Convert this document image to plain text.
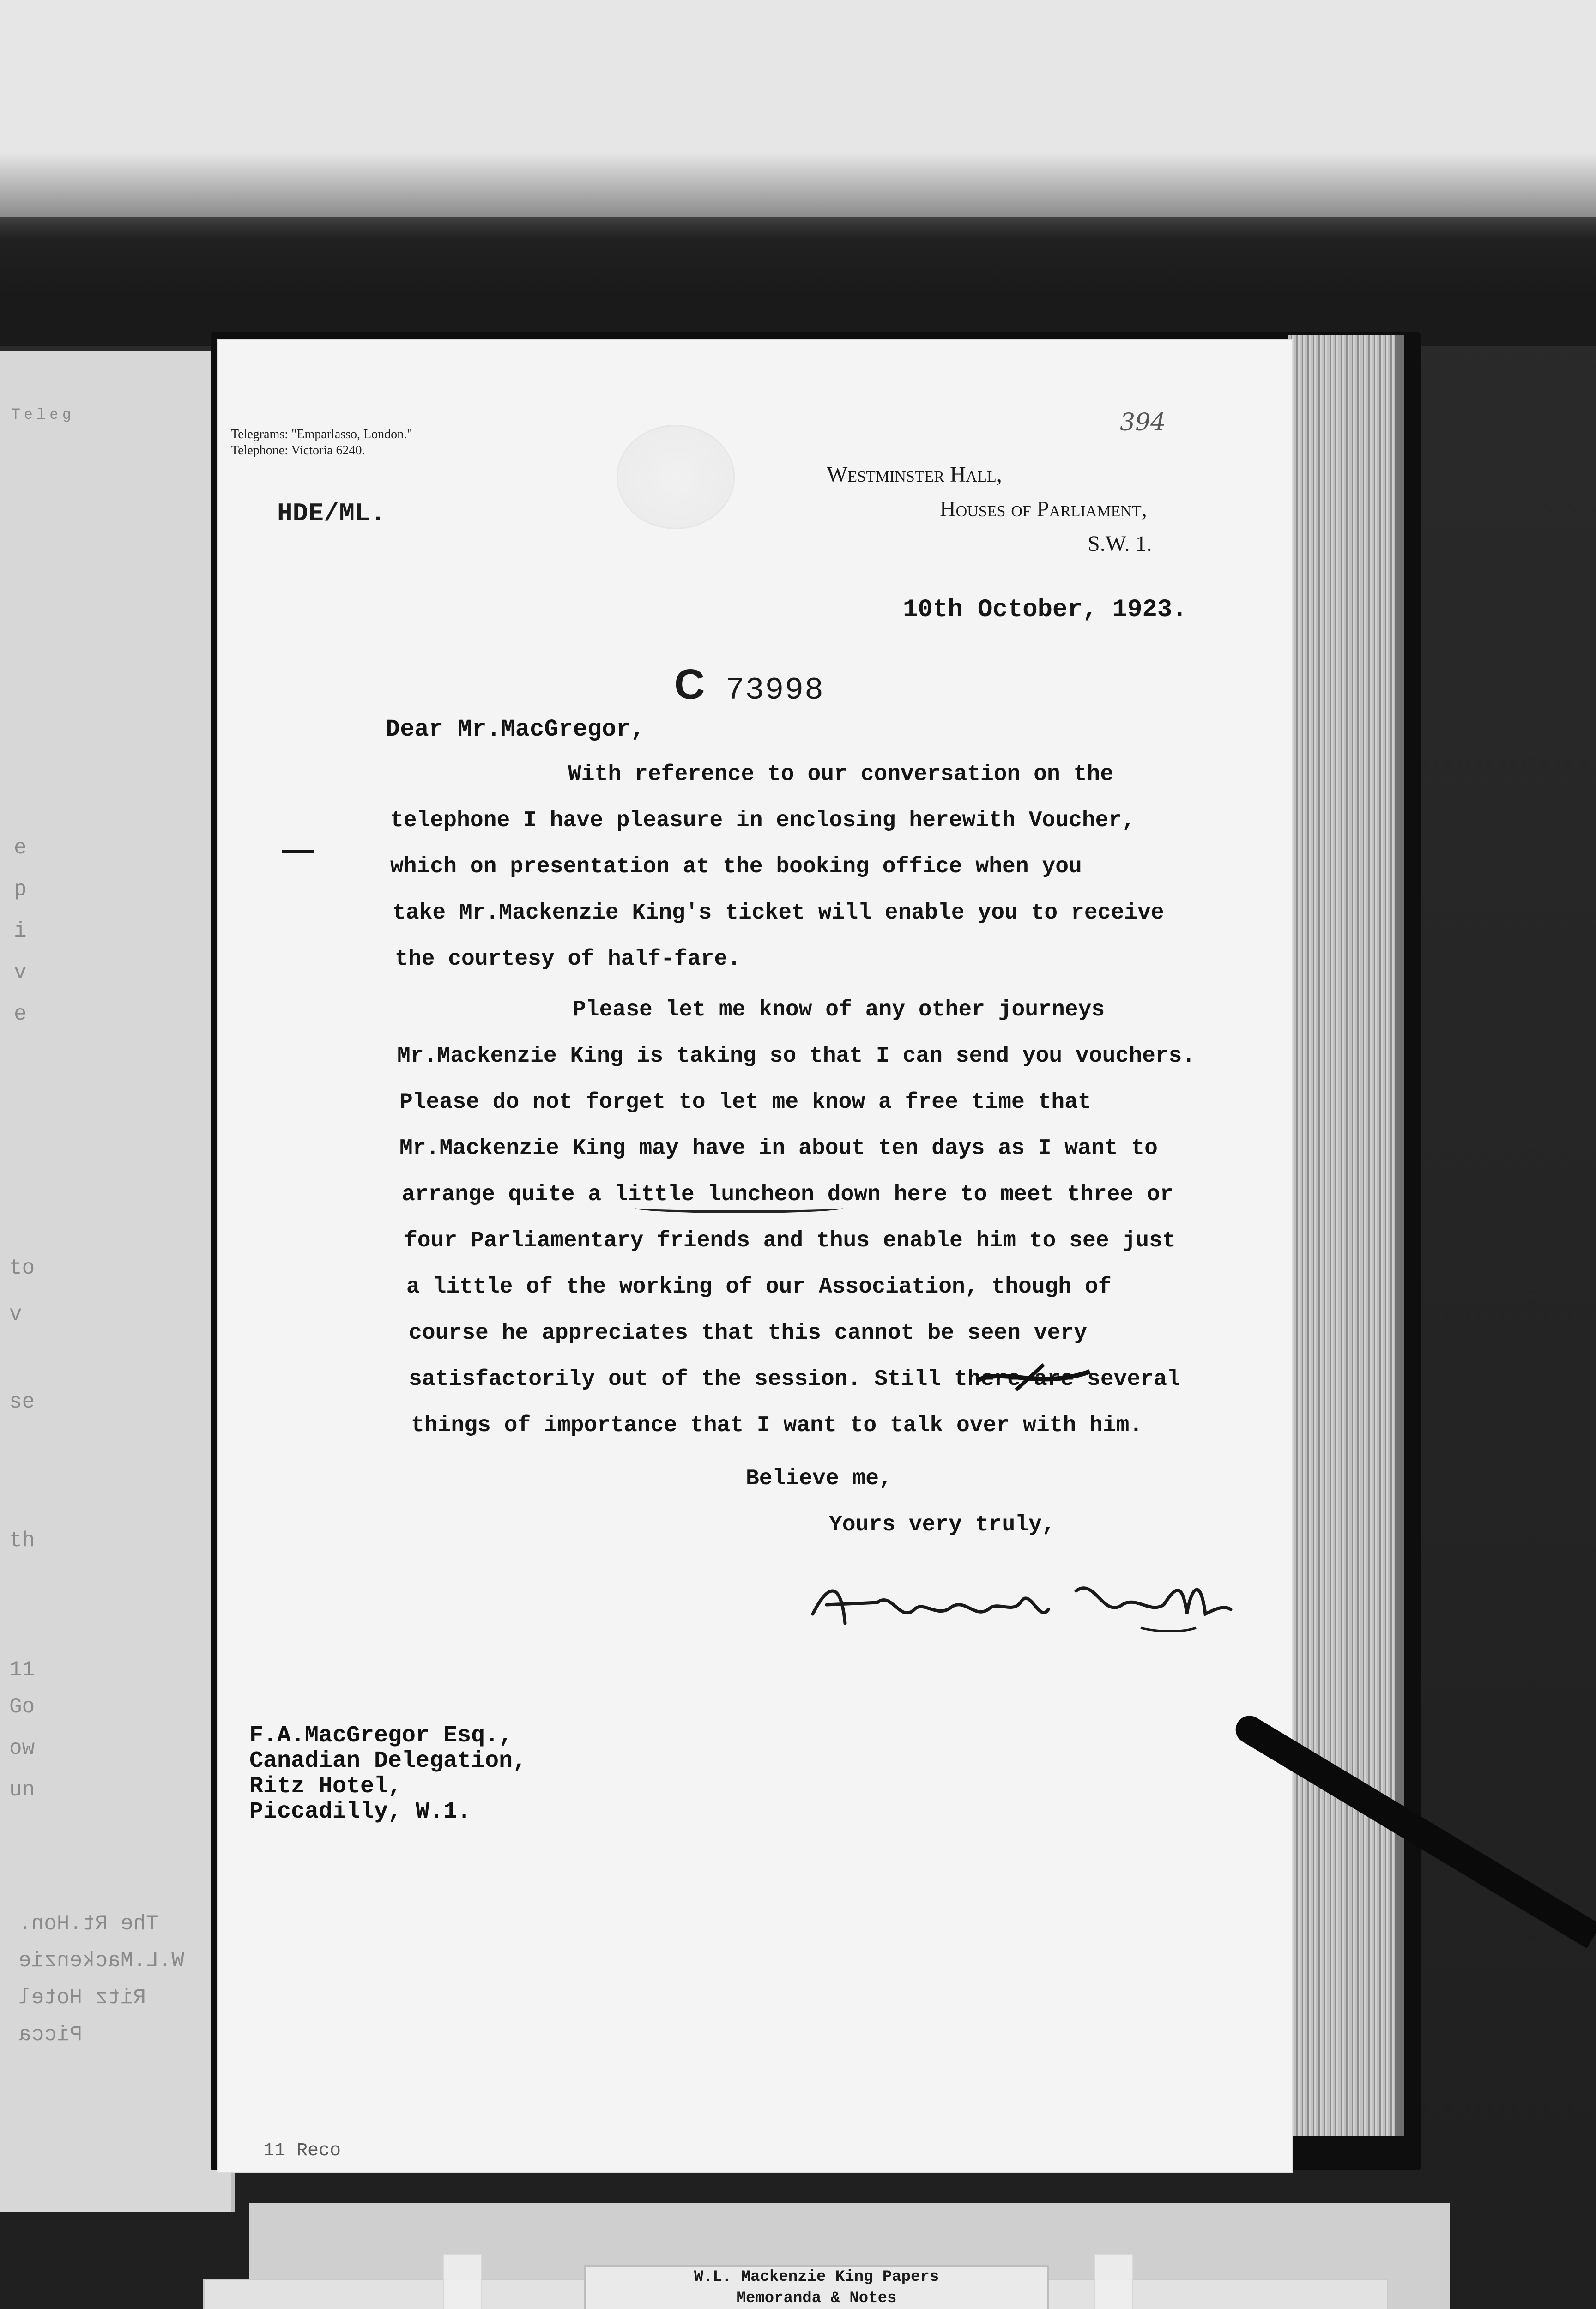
ᵀᵉˡᵉᵍ
e
p
i
v
e
to
v
se
th
11
Go
ow
un
The Rt.Hon.
W.L.Mackenzie
Ritz Hotel
Picca
Telegrams: "Emparlasso, London."
Telephone: Victoria 6240.
Westminster Hall,
Houses of Parliament,
S.W. 1.
HDE/ML.
394
10th October, 1923.
C 73998
Dear Mr.MacGregor,
With reference to our conversation on the
telephone I have pleasure in enclosing herewith Voucher,
which on presentation at the booking office when you
take Mr.Mackenzie King's ticket will enable you to receive
the courtesy of half-fare.
Please let me know of any other journeys
Mr.Mackenzie King is taking so that I can send you vouchers.
Please do not forget to let me know a free time that
Mr.Mackenzie King may have in about ten days as I want to
arrange quite a little luncheon down here to meet three or
four Parliamentary friends and thus enable him to see just
a little of the working of our Association, though of
course he appreciates that this cannot be seen very
satisfactorily out of the session. Still there are several
things of importance that I want to talk over with him.
Believe me,
Yours very truly,
F.A.MacGregor Esq.,
Canadian Delegation,
Ritz Hotel,
Piccadilly, W.1.
11 Reco
W.L. Mackenzie King Papers
Memoranda & Notes
